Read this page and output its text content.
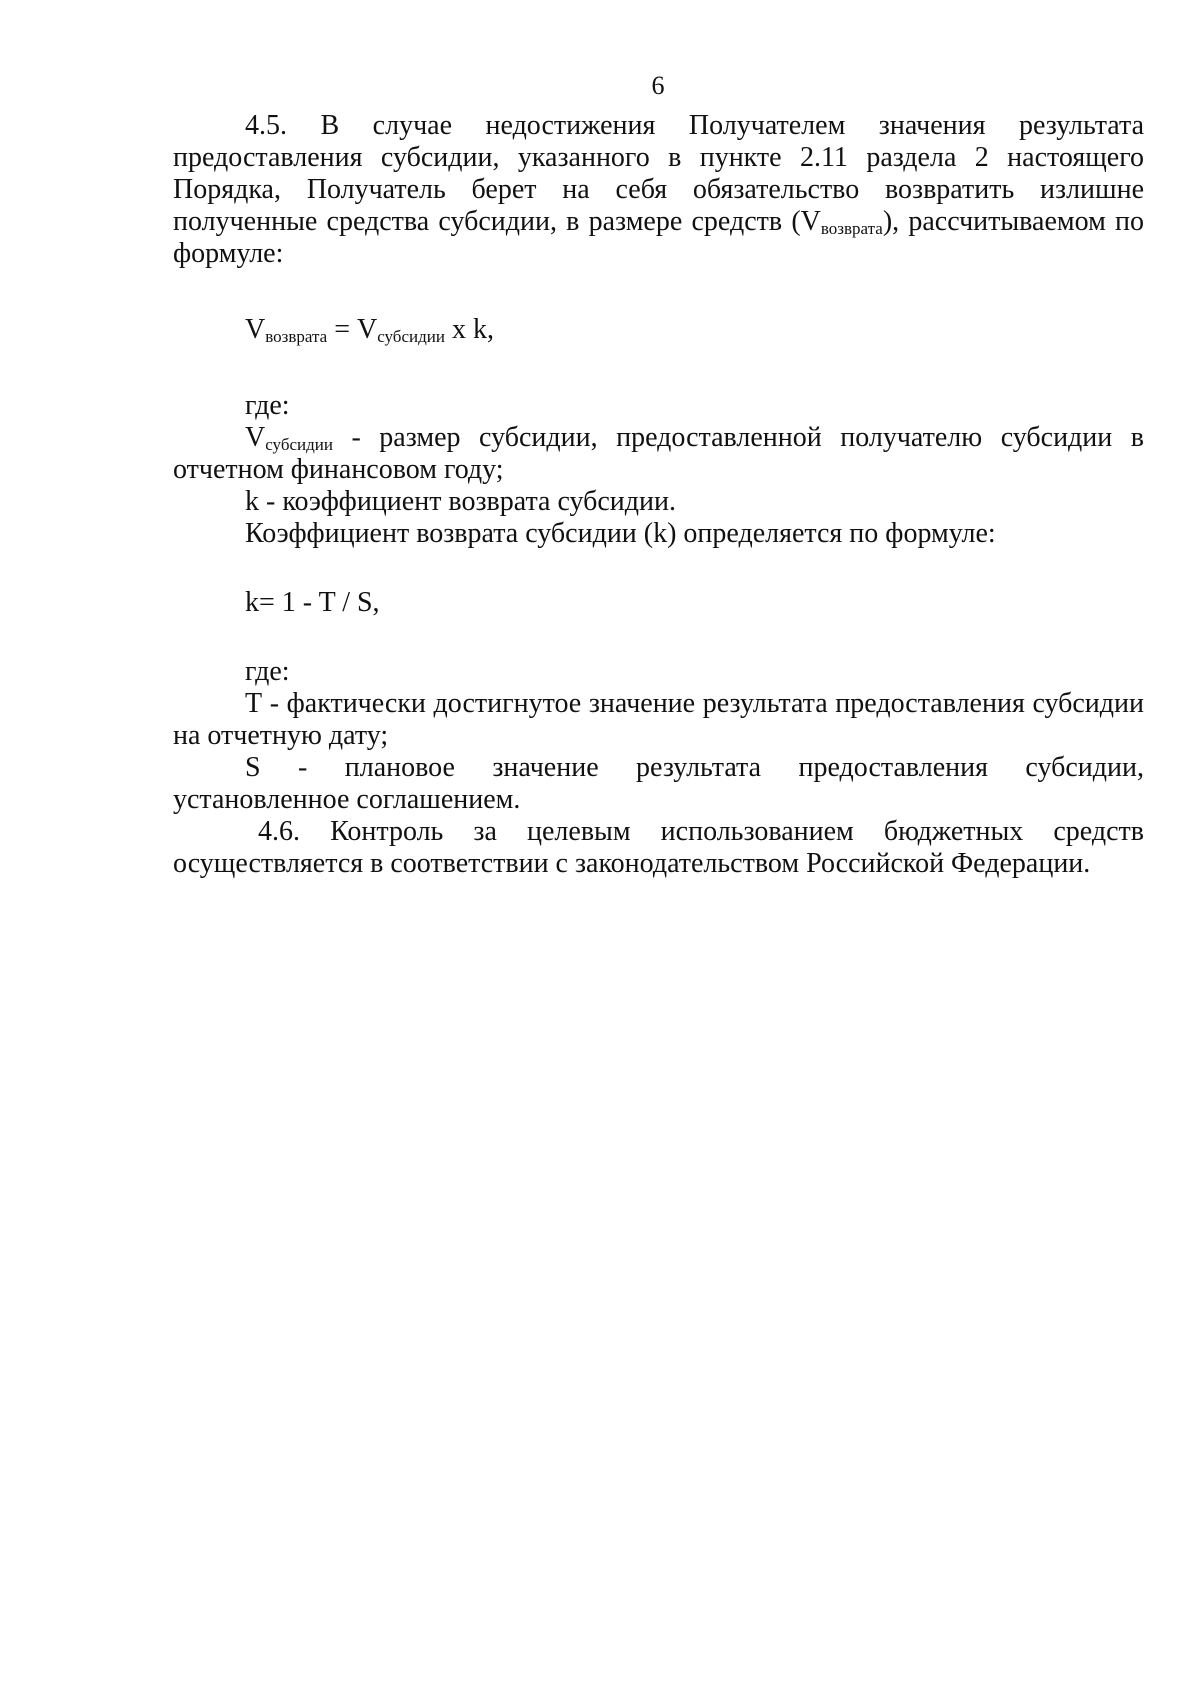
6

4.5. В случае недостижения Получателем значения результата предоставления субсидии, указанного в пункте 2.11 раздела 2 настоящего Порядка, Получатель берет на себя обязательство возвратить излишне полученные средства субсидии, в размере средств $(V_{возврата})$, рассчитываемом по формуле:

$V_{возврата} = V_{субсидии}$ x k,

где:

$V_{субсидии}$ - размер субсидии, предоставленной получателю субсидии в отчетном финансовом году;

k - коэффициент возврата субсидии.

Коэффициент возврата субсидии (k) определяется по формуле:

k= 1 - T / S,

где:

Т - фактически достигнутое значение результата предоставления субсидии на отчетную дату;

S - плановое значение результата предоставления субсидии, установленное соглашением.

4.6. Контроль за целевым использованием бюджетных средств осуществляется в соответствии с законодательством Российской Федерации.
